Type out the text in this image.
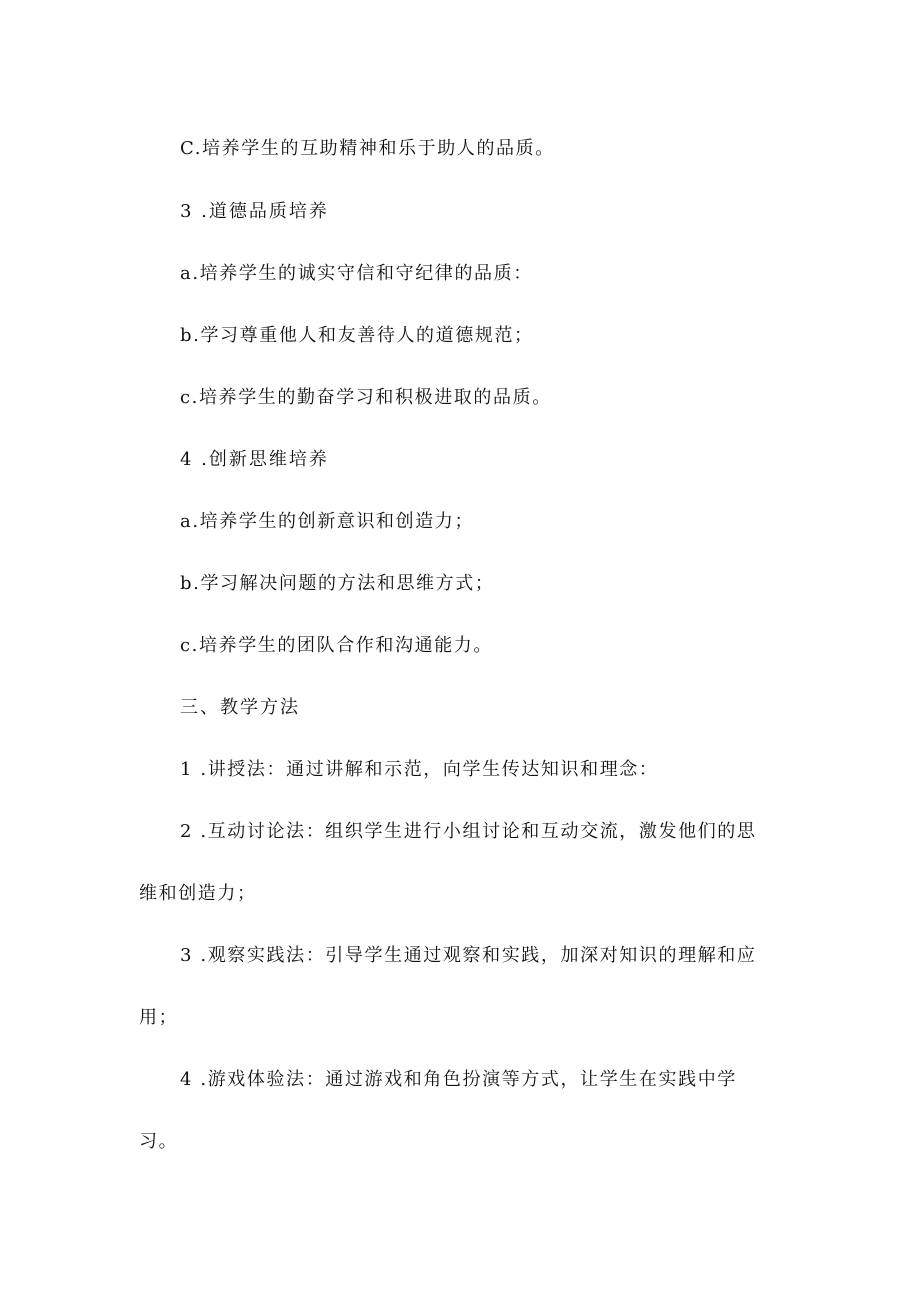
C.培养学生的互助精神和乐于助人的品质。

3 .道德品质培养

a.培养学生的诚实守信和守纪律的品质：

b.学习尊重他人和友善待人的道德规范；

c.培养学生的勤奋学习和积极进取的品质。

4 .创新思维培养

a.培养学生的创新意识和创造力；

b.学习解决问题的方法和思维方式；

c.培养学生的团队合作和沟通能力。

三、教学方法

1 .讲授法：通过讲解和示范，向学生传达知识和理念：

2 .互动讨论法：组织学生进行小组讨论和互动交流，激发他们的思

维和创造力；

3 .观察实践法：引导学生通过观察和实践，加深对知识的理解和应

用；

4 .游戏体验法：通过游戏和角色扮演等方式，让学生在实践中学

习。
